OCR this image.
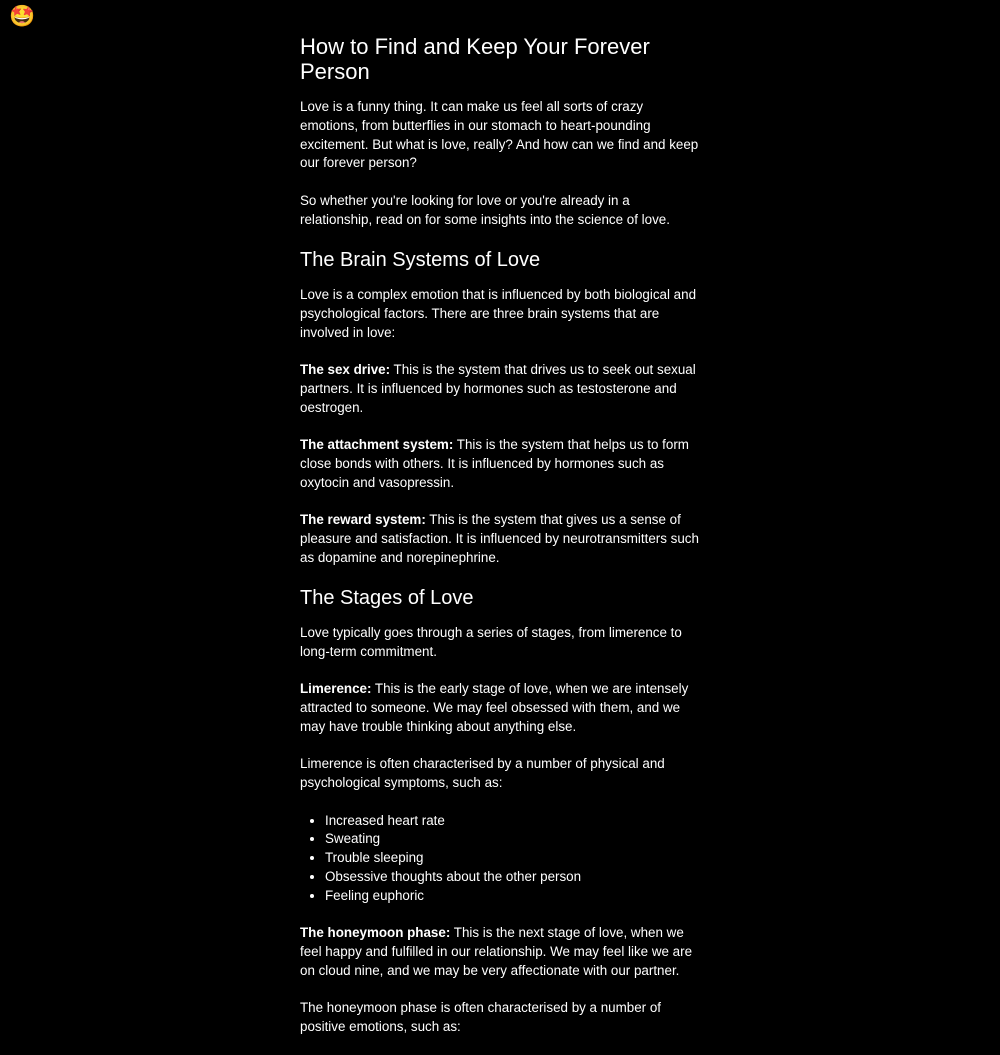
🤩
How to Find and Keep Your Forever Person

Love is a funny thing. It can make us feel all sorts of crazy emotions, from butterflies in our stomach to heart-pounding excitement. But what is love, really? And how can we find and keep our forever person?

So whether you're looking for love or you're already in a relationship, read on for some insights into the science of love.

The Brain Systems of Love

Love is a complex emotion that is influenced by both biological and psychological factors. There are three brain systems that are involved in love:

The sex drive: This is the system that drives us to seek out sexual partners. It is influenced by hormones such as testosterone and oestrogen.

The attachment system: This is the system that helps us to form close bonds with others. It is influenced by hormones such as oxytocin and vasopressin.

The reward system: This is the system that gives us a sense of pleasure and satisfaction. It is influenced by neurotransmitters such as dopamine and norepinephrine.

The Stages of Love

Love typically goes through a series of stages, from limerence to long-term commitment.

Limerence: This is the early stage of love, when we are intensely attracted to someone. We may feel obsessed with them, and we may have trouble thinking about anything else.

Limerence is often characterised by a number of physical and psychological symptoms, such as:

• Increased heart rate
• Sweating
• Trouble sleeping
• Obsessive thoughts about the other person
• Feeling euphoric

The honeymoon phase: This is the next stage of love, when we feel happy and fulfilled in our relationship. We may feel like we are on cloud nine, and we may be very affectionate with our partner.

The honeymoon phase is often characterised by a number of positive emotions, such as:
